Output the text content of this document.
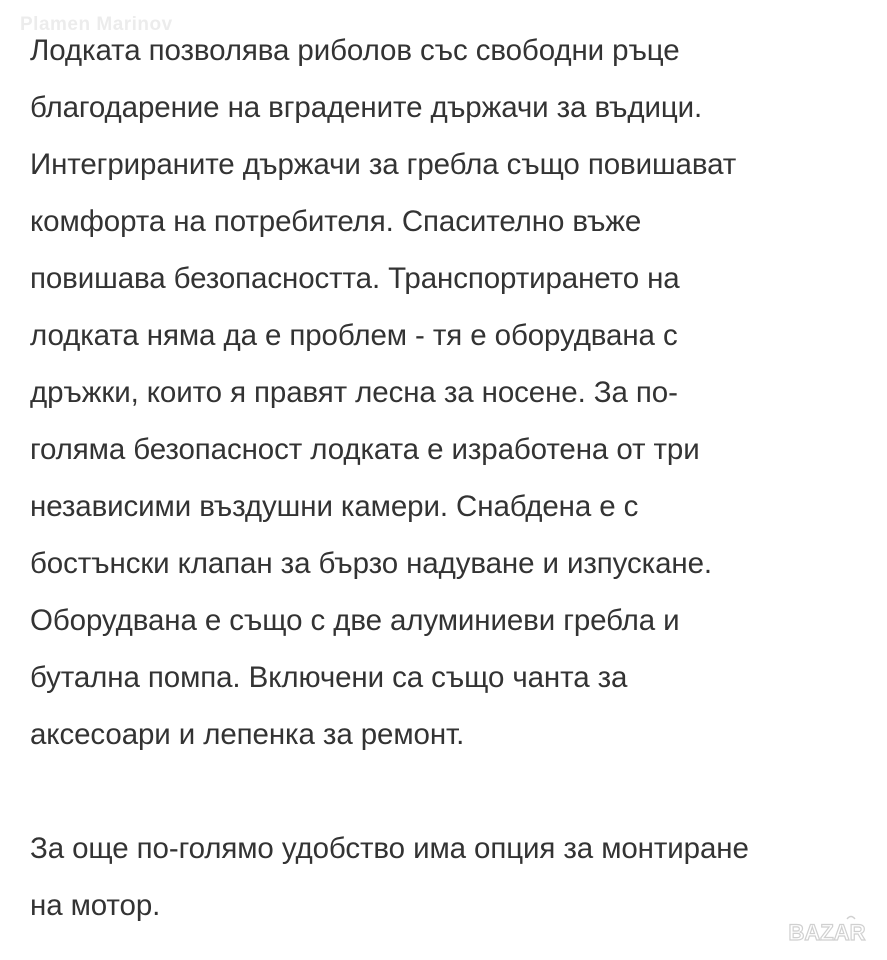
Plamen Marinov

Лодката позволява риболов със свободни ръце
благодарение на вградените държачи за въдици.
Интегрираните държачи за гребла също повишават
комфорта на потребителя. Спасително въже
повишава безопасността. Транспортирането на
лодката няма да е проблем - тя е оборудвана с
дръжки, които я правят лесна за носене. За по-
голяма безопасност лодката е изработена от три
независими въздушни камери. Снабдена е с
бостънски клапан за бързо надуване и изпускане.
Оборудвана е също с две алуминиеви гребла и
бутална помпа. Включени са също чанта за
аксесоари и лепенка за ремонт.

За още по-голямо удобство има опция за монтиране
на мотор.

BAZAR
